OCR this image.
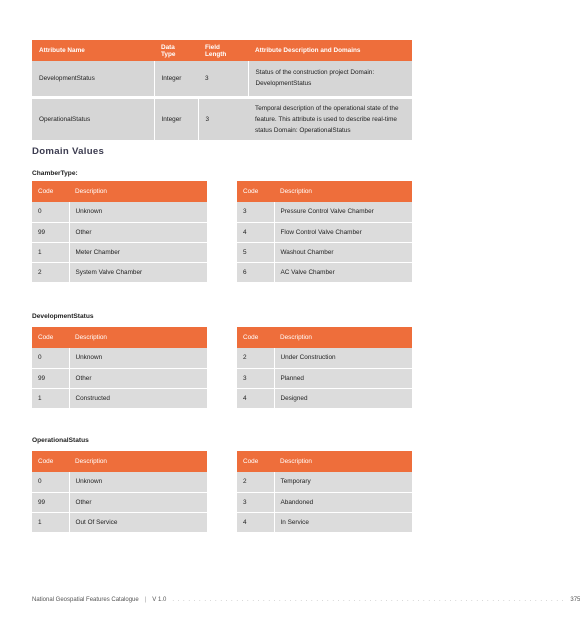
Attribute Name	Data Type	Field Length	Attribute Description and Domains
DevelopmentStatus	Integer	3	Status of the construction project Domain: DevelopmentStatus
OperationalStatus	Integer	3	Temporal description of the operational state of the feature. This attribute is used to describe real-time status Domain: OperationalStatus
Domain Values
ChamberType:
Code	Description
0	Unknown
99	Other
1	Meter Chamber
2	System Valve Chamber
Code	Description
3	Pressure Control Valve Chamber
4	Flow Control Valve Chamber
5	Washout Chamber
6	AC Valve Chamber
DevelopmentStatus
Code	Description
0	Unknown
99	Other
1	Constructed
Code	Description
2	Under Construction
3	Planned
4	Designed
OperationalStatus
Code	Description
0	Unknown
99	Other
1	Out Of Service
Code	Description
2	Temporary
3	Abandoned
4	In Service
National Geospatial Features Catalogue | V 1.0 . . . . . . . . . . . . . . . . . . . . . . . . . . . . . . . . . . . . . . . . . . . . . . . . . . . . . . . . . . . . . . . . . . . . . . . . . . 375
